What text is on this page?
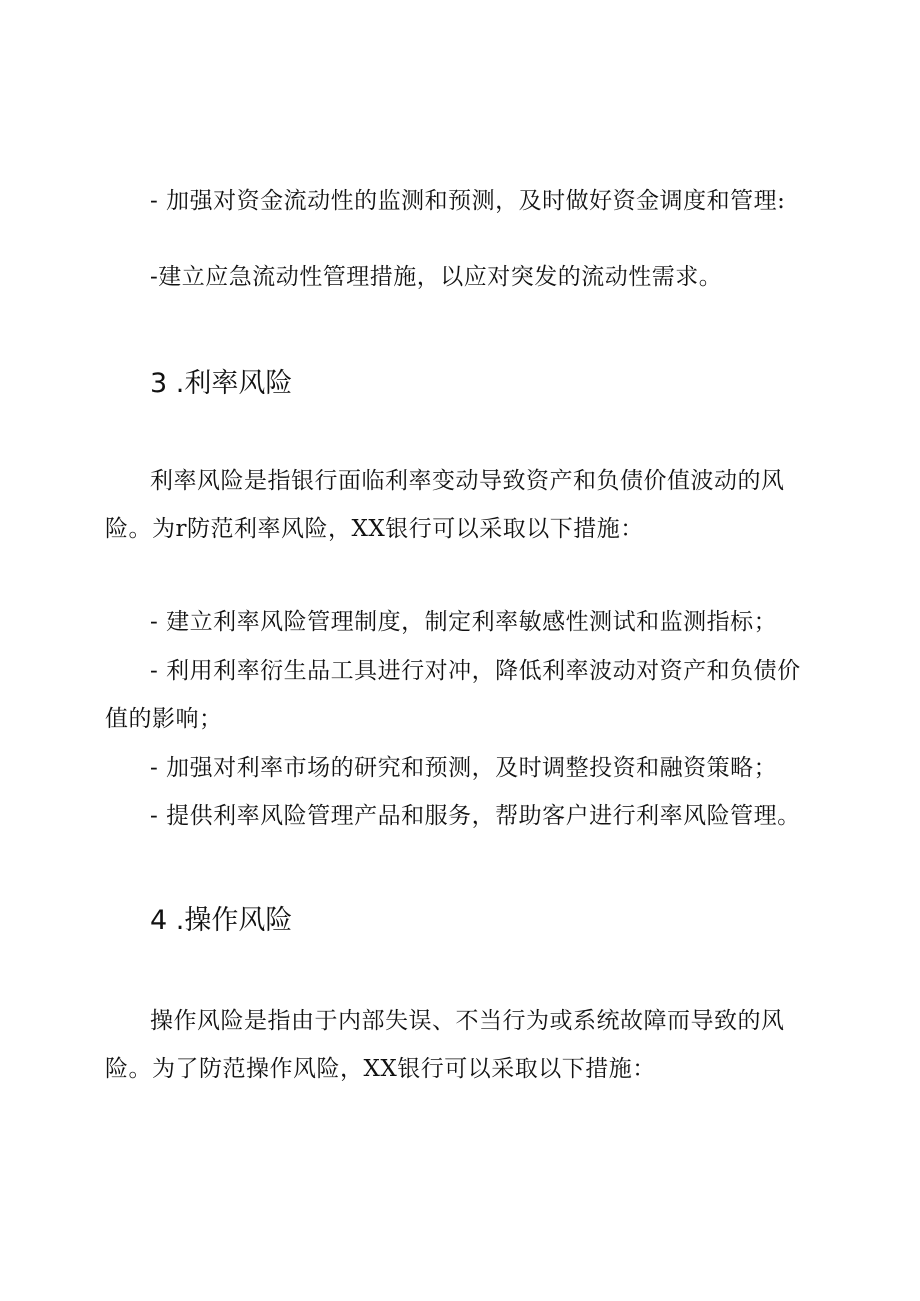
- 加强对资金流动性的监测和预测，及时做好资金调度和管理:
-建立应急流动性管理措施，以应对突发的流动性需求。
3 .利率风险
利率风险是指银行面临利率变动导致资产和负债价值波动的风
险。为r防范利率风险，XX银行可以采取以下措施：
- 建立利率风险管理制度，制定利率敏感性测试和监测指标；
- 利用利率衍生品工具进行对冲，降低利率波动对资产和负债价
值的影响；
- 加强对利率市场的研究和预测，及时调整投资和融资策略；
- 提供利率风险管理产品和服务，帮助客户进行利率风险管理。
4 .操作风险
操作风险是指由于内部失误、不当行为或系统故障而导致的风
险。为了防范操作风险，XX银行可以采取以下措施：
